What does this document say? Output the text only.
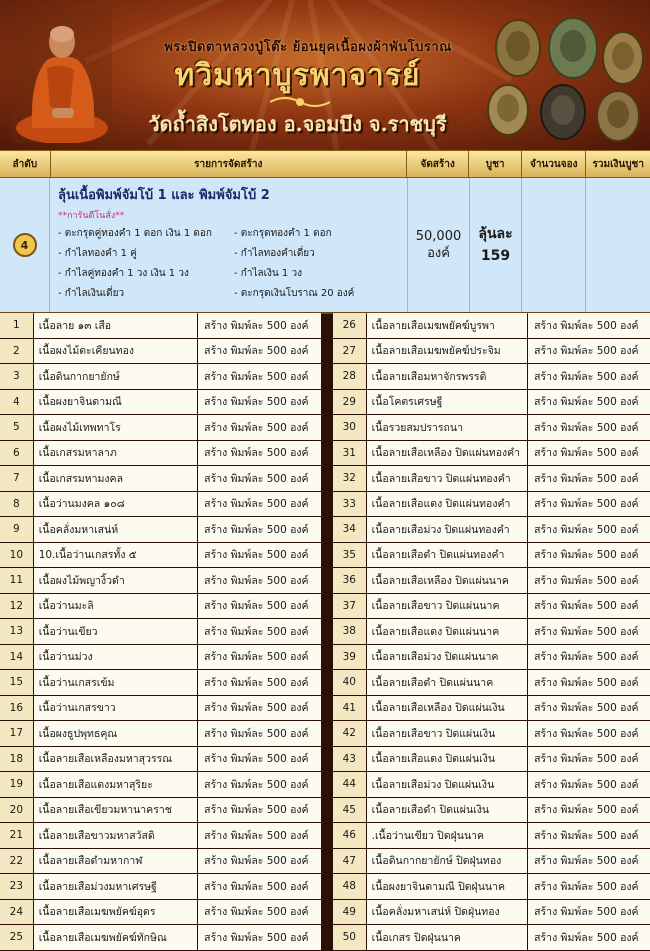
พระปิดตาหลวงปู่โต๊ะ ย้อนยุคเนื้อผงผ้าพันโบราณ
ทวิมหาบูรพาจารย์
วัดถ้ำสิงโตทอง อ.จอมบึง จ.ราชบุรี
ลำดับ	รายการจัดสร้าง	จัดสร้าง	บูชา	จำนวนจอง	รวมเงินบูชา
4
ลุ้นเนื้อพิมพ์จัมโบ้ 1 และ พิมพ์จัมโบ้ 2
**การันตีโนสั่ง**
- ตะกรุดคู่ทองคำ 1 ดอก เงิน 1 ดอก	- ตะกรุดทองคำ 1 ดอก
- กำไลทองคำ 1 คู่	- กำไลทองคำเดี่ยว
- กำไลคู่ทองคำ 1 วง เงิน 1 วง	- กำไลเงิน 1 วง
- กำไลเงินเดี่ยว	- ตะกรุดเงินโบราณ 20 องค์
50,000
องค์
ลุ้นละ
159
1	เนื้อลาย ๑๓ เสือ	สร้าง พิมพ์ละ 500 องค์	26	เนื้อลายเสือเมฆพยัคฆ์บูรพา	สร้าง พิมพ์ละ 500 องค์
2	เนื้อผงไม้ตะเคียนทอง	สร้าง พิมพ์ละ 500 องค์	27	เนื้อลายเสือเมฆพยัคฆ์ประจิม	สร้าง พิมพ์ละ 500 องค์
3	เนื้อดินกากยายักษ์	สร้าง พิมพ์ละ 500 องค์	28	เนื้อลายเสือมหาจักรพรรดิ	สร้าง พิมพ์ละ 500 องค์
4	เนื้อผงยาจินดามณี	สร้าง พิมพ์ละ 500 องค์	29	เนื้อโคตรเศรษฐี	สร้าง พิมพ์ละ 500 องค์
5	เนื้อผงไม้เทพทาโร	สร้าง พิมพ์ละ 500 องค์	30	เนื้อรวยสมปรารถนา	สร้าง พิมพ์ละ 500 องค์
6	เนื้อเกสรมหาลาภ	สร้าง พิมพ์ละ 500 องค์	31	เนื้อลายเสือเหลือง ปิดแผ่นทองคำ	สร้าง พิมพ์ละ 500 องค์
7	เนื้อเกสรมหามงคล	สร้าง พิมพ์ละ 500 องค์	32	เนื้อลายเสือขาว ปิดแผ่นทองคำ	สร้าง พิมพ์ละ 500 องค์
8	เนื้อว่านมงคล ๑๐๘	สร้าง พิมพ์ละ 500 องค์	33	เนื้อลายเสือแดง ปิดแผ่นทองคำ	สร้าง พิมพ์ละ 500 องค์
9	เนื้อคลั่งมหาเสน่ห์	สร้าง พิมพ์ละ 500 องค์	34	เนื้อลายเสือม่วง ปิดแผ่นทองคำ	สร้าง พิมพ์ละ 500 องค์
10	10.เนื้อว่านเกสรทั้ง ๕	สร้าง พิมพ์ละ 500 องค์	35	เนื้อลายเสือดำ ปิดแผ่นทองคำ	สร้าง พิมพ์ละ 500 องค์
11	เนื้อผงไม้พญางิ้วดำ	สร้าง พิมพ์ละ 500 องค์	36	เนื้อลายเสือเหลือง ปิดแผ่นนาค	สร้าง พิมพ์ละ 500 องค์
12	เนื้อว่านมะลิ	สร้าง พิมพ์ละ 500 องค์	37	เนื้อลายเสือขาว ปิดแผ่นนาค	สร้าง พิมพ์ละ 500 องค์
13	เนื้อว่านเขียว	สร้าง พิมพ์ละ 500 องค์	38	เนื้อลายเสือแดง ปิดแผ่นนาค	สร้าง พิมพ์ละ 500 องค์
14	เนื้อว่านม่วง	สร้าง พิมพ์ละ 500 องค์	39	เนื้อลายเสือม่วง ปิดแผ่นนาค	สร้าง พิมพ์ละ 500 องค์
15	เนื้อว่านเกสรเข้ม	สร้าง พิมพ์ละ 500 องค์	40	เนื้อลายเสือดำ ปิดแผ่นนาค	สร้าง พิมพ์ละ 500 องค์
16	เนื้อว่านเกสรขาว	สร้าง พิมพ์ละ 500 องค์	41	เนื้อลายเสือเหลือง ปิดแผ่นเงิน	สร้าง พิมพ์ละ 500 องค์
17	เนื้อผงธูปพุทธคุณ	สร้าง พิมพ์ละ 500 องค์	42	เนื้อลายเสือขาว ปิดแผ่นเงิน	สร้าง พิมพ์ละ 500 องค์
18	เนื้อลายเสือเหลืองมหาสุวรรณ	สร้าง พิมพ์ละ 500 องค์	43	เนื้อลายเสือแดง ปิดแผ่นเงิน	สร้าง พิมพ์ละ 500 องค์
19	เนื้อลายเสือแดงมหาสุริยะ	สร้าง พิมพ์ละ 500 องค์	44	เนื้อลายเสือม่วง ปิดแผ่นเงิน	สร้าง พิมพ์ละ 500 องค์
20	เนื้อลายเสือเขียวมหานาคราช	สร้าง พิมพ์ละ 500 องค์	45	เนื้อลายเสือดำ ปิดแผ่นเงิน	สร้าง พิมพ์ละ 500 องค์
21	เนื้อลายเสือขาวมหาสวัสดิ	สร้าง พิมพ์ละ 500 องค์	46	.เนื้อว่านเขียว ปิดฝุ่นนาค	สร้าง พิมพ์ละ 500 องค์
22	เนื้อลายเสือดำมหากาฬ	สร้าง พิมพ์ละ 500 องค์	47	เนื้อดินกากยายักษ์ ปิดฝุ่นทอง	สร้าง พิมพ์ละ 500 องค์
23	เนื้อลายเสือม่วงมหาเศรษฐี	สร้าง พิมพ์ละ 500 องค์	48	เนื้อผงยาจินดามณี ปิดฝุ่นนาค	สร้าง พิมพ์ละ 500 องค์
24	เนื้อลายเสือเมฆพยัคฆ์อุดร	สร้าง พิมพ์ละ 500 องค์	49	เนื้อคลั่งมหาเสน่ห์ ปิดฝุ่นทอง	สร้าง พิมพ์ละ 500 องค์
25	เนื้อลายเสือเมฆพยัคฆ์ทักษิณ	สร้าง พิมพ์ละ 500 องค์	50	เนื้อเกสร ปิดฝุ่นนาค	สร้าง พิมพ์ละ 500 องค์
